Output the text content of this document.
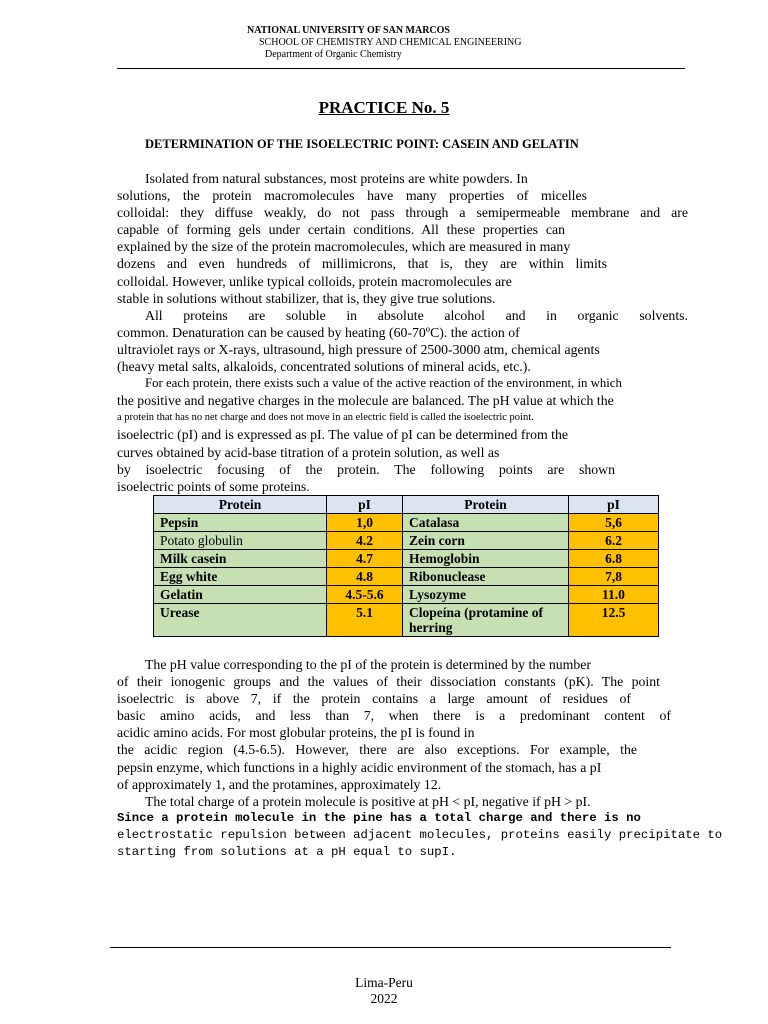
NATIONAL UNIVERSITY OF SAN MARCOS
SCHOOL OF CHEMISTRY AND CHEMICAL ENGINEERING
Department of Organic Chemistry
PRACTICE No. 5
DETERMINATION OF THE ISOELECTRIC POINT: CASEIN AND GELATIN
Isolated from natural substances, most proteins are white powders. In
solutions, the protein macromolecules have many properties of micelles
colloidal: they diffuse weakly, do not pass through a semipermeable membrane and are
capable of forming gels under certain conditions. All these properties can
explained by the size of the protein macromolecules, which are measured in many
dozens and even hundreds of millimicrons, that is, they are within limits
colloidal. However, unlike typical colloids, protein macromolecules are
stable in solutions without stabilizer, that is, they give true solutions.
All proteins are soluble in absolute alcohol and in organic solvents.
common. Denaturation can be caused by heating (60-70ºC). the action of
ultraviolet rays or X-rays, ultrasound, high pressure of 2500-3000 atm, chemical agents
(heavy metal salts, alkaloids, concentrated solutions of mineral acids, etc.).
For each protein, there exists such a value of the active reaction of the environment, in which
the positive and negative charges in the molecule are balanced. The pH value at which the
a protein that has no net charge and does not move in an electric field is called the isoelectric point.
isoelectric (pI) and is expressed as pI. The value of pI can be determined from the
curves obtained by acid-base titration of a protein solution, as well as
by isoelectric focusing of the protein. The following points are shown
isoelectric points of some proteins.
Protein	pI	Protein	pI
Pepsin	1,0	Catalasa	5,6
Potato globulin	4.2	Zein corn	6.2
Milk casein	4.7	Hemoglobin	6.8
Egg white	4.8	Ribonuclease	7,8
Gelatin	4.5-5.6	Lysozyme	11.0
Urease	5.1	Clopeína (protamine of herring	12.5
The pH value corresponding to the pI of the protein is determined by the number
of their ionogenic groups and the values of their dissociation constants (pK). The point
isoelectric is above 7, if the protein contains a large amount of residues of
basic amino acids, and less than 7, when there is a predominant content of
acidic amino acids. For most globular proteins, the pI is found in
the acidic region (4.5-6.5). However, there are also exceptions. For example, the
pepsin enzyme, which functions in a highly acidic environment of the stomach, has a pI
of approximately 1, and the protamines, approximately 12.
The total charge of a protein molecule is positive at pH < pI, negative if pH > pI.
Since a protein molecule in the pine has a total charge and there is no
electrostatic repulsion between adjacent molecules, proteins easily precipitate to
starting from solutions at a pH equal to supI.
Lima-Peru
2022
